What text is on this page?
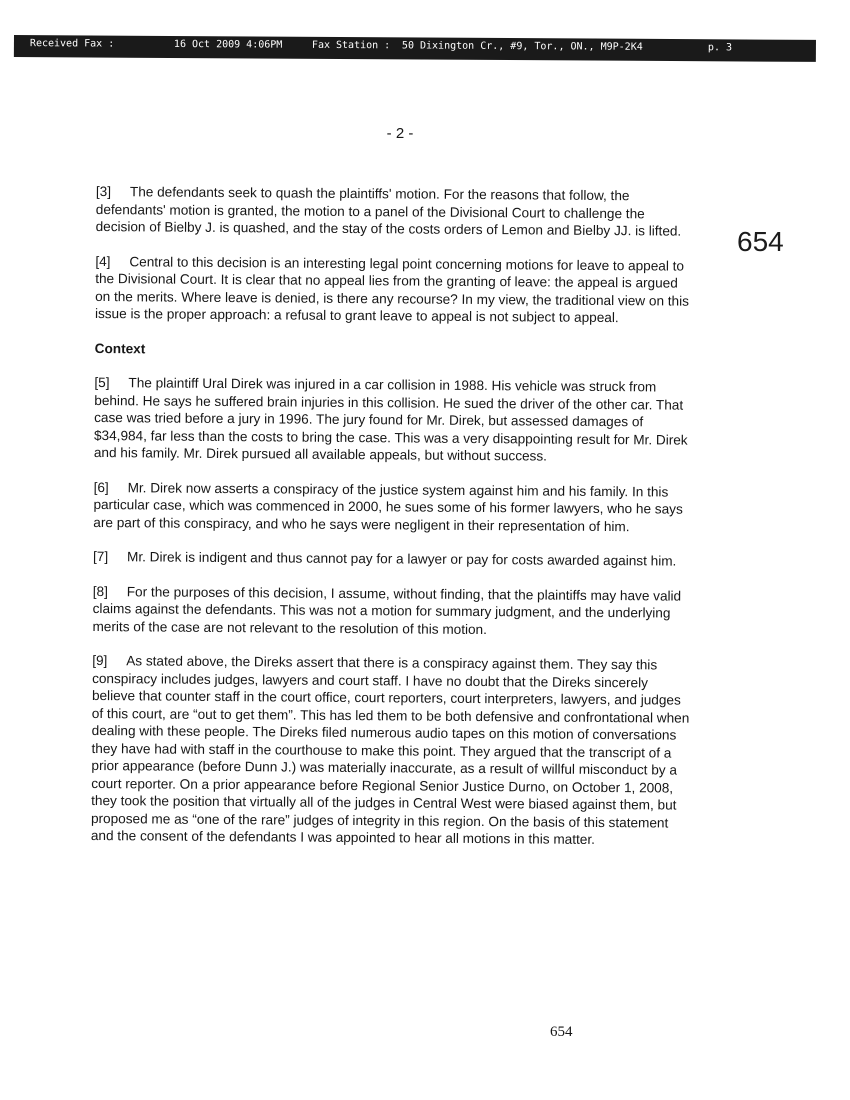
Received Fax :	16 Oct 2009 4:06PM	Fax Station : 50 Dixington Cr., #9, Tor., ON., M9P-2K4	p. 3
- 2 -
654

[3] The defendants seek to quash the plaintiffs' motion. For the reasons that follow, the defendants' motion is granted, the motion to a panel of the Divisional Court to challenge the decision of Bielby J. is quashed, and the stay of the costs orders of Lemon and Bielby JJ. is lifted.

[4] Central to this decision is an interesting legal point concerning motions for leave to appeal to the Divisional Court. It is clear that no appeal lies from the granting of leave: the appeal is argued on the merits. Where leave is denied, is there any recourse? In my view, the traditional view on this issue is the proper approach: a refusal to grant leave to appeal is not subject to appeal.

Context

[5] The plaintiff Ural Direk was injured in a car collision in 1988. His vehicle was struck from behind. He says he suffered brain injuries in this collision. He sued the driver of the other car. That case was tried before a jury in 1996. The jury found for Mr. Direk, but assessed damages of $34,984, far less than the costs to bring the case. This was a very disappointing result for Mr. Direk and his family. Mr. Direk pursued all available appeals, but without success.

[6] Mr. Direk now asserts a conspiracy of the justice system against him and his family. In this particular case, which was commenced in 2000, he sues some of his former lawyers, who he says are part of this conspiracy, and who he says were negligent in their representation of him.

[7] Mr. Direk is indigent and thus cannot pay for a lawyer or pay for costs awarded against him.

[8] For the purposes of this decision, I assume, without finding, that the plaintiffs may have valid claims against the defendants. This was not a motion for summary judgment, and the underlying merits of the case are not relevant to the resolution of this motion.

[9] As stated above, the Direks assert that there is a conspiracy against them. They say this conspiracy includes judges, lawyers and court staff. I have no doubt that the Direks sincerely believe that counter staff in the court office, court reporters, court interpreters, lawyers, and judges of this court, are “out to get them”. This has led them to be both defensive and confrontational when dealing with these people. The Direks filed numerous audio tapes on this motion of conversations they have had with staff in the courthouse to make this point. They argued that the transcript of a prior appearance (before Dunn J.) was materially inaccurate, as a result of willful misconduct by a court reporter. On a prior appearance before Regional Senior Justice Durno, on October 1, 2008, they took the position that virtually all of the judges in Central West were biased against them, but proposed me as “one of the rare” judges of integrity in this region. On the basis of this statement and the consent of the defendants I was appointed to hear all motions in this matter.

654
